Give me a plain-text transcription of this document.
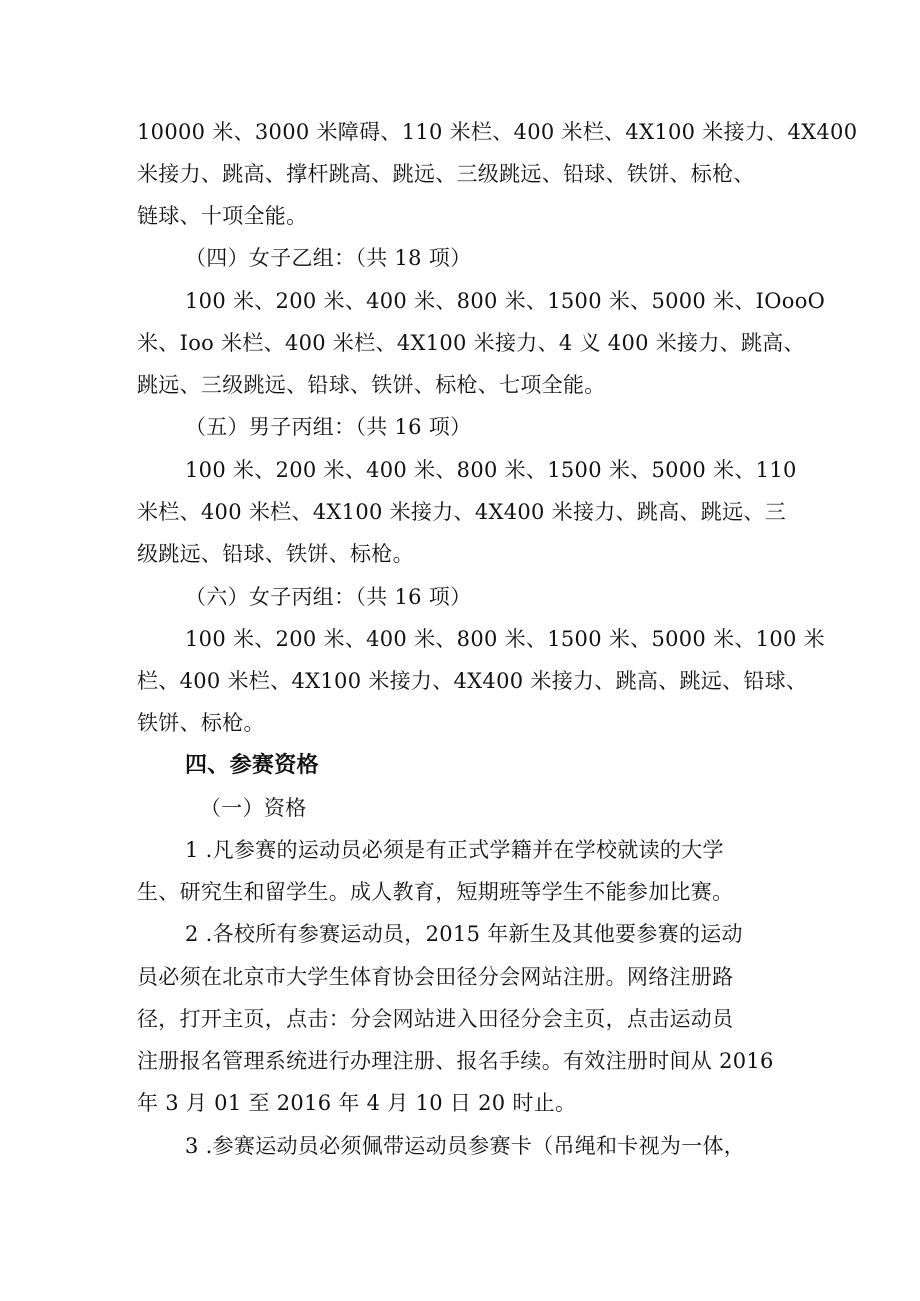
10000 米、3000 米障碍、110 米栏、400 米栏、4X100 米接力、4X400
米接力、跳高、撑杆跳高、跳远、三级跳远、铅球、铁饼、标枪、
链球、十项全能。
（四）女子乙组：（共 18 项）
100 米、200 米、400 米、800 米、1500 米、5000 米、IOooO
米、Ioo 米栏、400 米栏、4X100 米接力、4 义 400 米接力、跳高、
跳远、三级跳远、铅球、铁饼、标枪、七项全能。
（五）男子丙组：（共 16 项）
100 米、200 米、400 米、800 米、1500 米、5000 米、110
米栏、400 米栏、4X100 米接力、4X400 米接力、跳高、跳远、三
级跳远、铅球、铁饼、标枪。
（六）女子丙组：（共 16 项）
100 米、200 米、400 米、800 米、1500 米、5000 米、100 米
栏、400 米栏、4X100 米接力、4X400 米接力、跳高、跳远、铅球、
铁饼、标枪。
四、参赛资格
（一）资格
1 .凡参赛的运动员必须是有正式学籍并在学校就读的大学
生、研究生和留学生。成人教育，短期班等学生不能参加比赛。
2 .各校所有参赛运动员，2015 年新生及其他要参赛的运动
员必须在北京市大学生体育协会田径分会网站注册。网络注册路
径，打开主页，点击：分会网站进入田径分会主页，点击运动员
注册报名管理系统进行办理注册、报名手续。有效注册时间从 2016
年 3 月 01 至 2016 年 4 月 10 日 20 时止。
3 .参赛运动员必须佩带运动员参赛卡（吊绳和卡视为一体，
